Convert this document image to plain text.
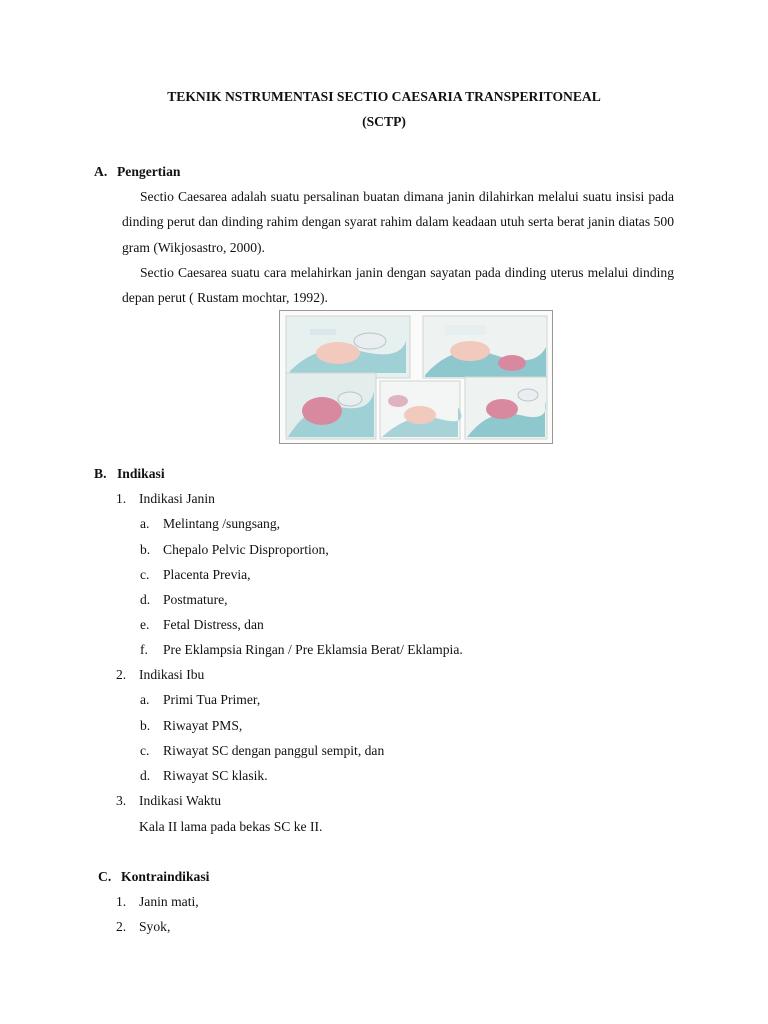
TEKNIK NSTRUMENTASI SECTIO CAESARIA TRANSPERITONEAL
(SCTP)
A. Pengertian
Sectio Caesarea adalah suatu persalinan buatan dimana janin dilahirkan melalui suatu insisi pada dinding perut dan dinding rahim dengan syarat rahim dalam keadaan utuh serta berat janin diatas 500 gram (Wikjosastro, 2000).
Sectio Caesarea suatu cara melahirkan janin dengan sayatan pada dinding uterus melalui dinding depan perut ( Rustam mochtar, 1992).
B. Indikasi
1. Indikasi Janin
a. Melintang /sungsang,
b. Chepalo Pelvic Disproportion,
c. Placenta Previa,
d. Postmature,
e. Fetal Distress, dan
f. Pre Eklampsia Ringan / Pre Eklamsia Berat/ Eklampia.
2. Indikasi Ibu
a. Primi Tua Primer,
b. Riwayat PMS,
c. Riwayat SC dengan panggul sempit, dan
d. Riwayat SC klasik.
3. Indikasi Waktu
Kala II lama pada bekas SC ke II.
C. Kontraindikasi
1. Janin mati,
2. Syok,
